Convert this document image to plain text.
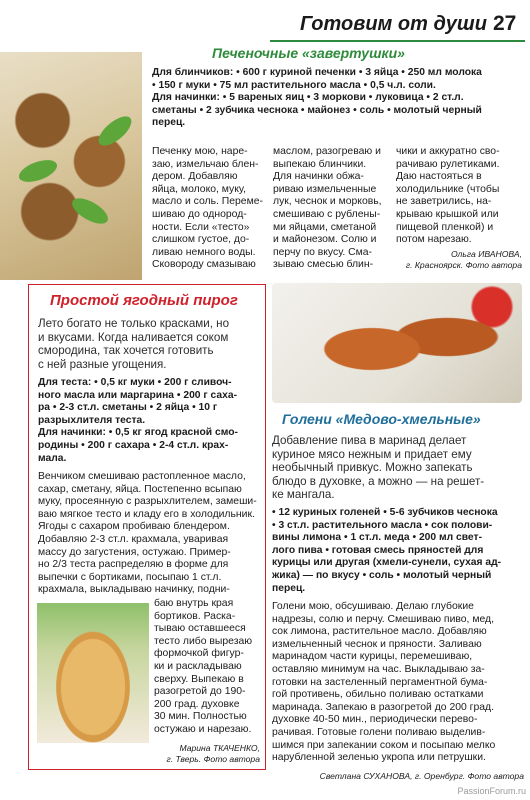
Готовим от души 27
Печеночные «завертушки»
Для блинчиков: • 600 г куриной печенки • 3 яйца • 250 мл молока
• 150 г муки • 75 мл растительного масла • 0,5 ч.л. соли.
Для начинки: • 5 вареных яиц • 3 моркови • луковица • 2 ст.л.
сметаны • 2 зубчика чеснока • майонез • соль • молотый черный
перец.

Печенку мою, наре-

заю, измельчаю блен-

дером. Добавляю

яйца, молоко, муку,

масло и соль. Переме-

шиваю до однород-

ности. Если «тесто»

слишком густое, до-

ливаю немного воды.

Сковороду смазываю

маслом, разогреваю и

выпекаю блинчики.

Для начинки обжа-

риваю измельченные

лук, чеснок и морковь,

смешиваю с рублены-

ми яйцами, сметаной

и майонезом. Солю и

перчу по вкусу. Сма-

зываю смесью блин-

чики и аккуратно сво-

рачиваю рулетиками.

Даю настояться в

холодильнике (чтобы

не заветрились, на-

крываю крышкой или

пищевой пленкой) и

потом нарезаю.

Ольга ИВАНОВА,
г. Красноярск. Фото автора
Простой ягодный пирог
Лето богато не только красками, но
и вкусами. Когда наливается соком
смородина, так хочется готовить
с ней разные угощения.
Для теста: • 0,5 кг муки • 200 г сливоч-
ного масла или маргарина • 200 г саха-
ра • 2-3 ст.л. сметаны • 2 яйца • 10 г
разрыхлителя теста.
Для начинки: • 0,5 кг ягод красной смо-
родины • 200 г сахара • 2-4 ст.л. крах-
мала.

Венчиком смешиваю растопленное масло,

сахар, сметану, яйца. Постепенно всыпаю

муку, просеянную с разрыхлителем, замеши-

ваю мягкое тесто и кладу его в холодильник.

Ягоды с сахаром пробиваю блендером.

Добавляю 2-3 ст.л. крахмала, уваривая

массу до загустения, остужаю. Пример-

но 2/3 теста распределяю в форме для

выпечки с бортиками, посыпаю 1 ст.л.

крахмала, выкладываю начинку, подни-

баю внутрь края

бортиков. Раска-

тываю оставшееся

тесто либо вырезаю

формочкой фигур-

ки и раскладываю

сверху. Выпекаю в

разогретой до 190-

200 град. духовке

30 мин. Полностью

остужаю и нарезаю.

Марина ТКАЧЕНКО,
г. Тверь. Фото автора
Голени «Медово-хмельные»
Добавление пива в маринад делает
куриное мясо нежным и придает ему
необычный привкус. Можно запекать
блюдо в духовке, а можно — на решет-
ке мангала.
• 12 куриных голеней • 5-6 зубчиков чеснока
• 3 ст.л. растительного масла • сок полови-
вины лимона • 1 ст.л. меда • 200 мл свет-
лого пива • готовая смесь пряностей для
курицы или другая (хмели-сунели, сухая ад-
жика) — по вкусу • соль • молотый черный
перец.

Голени мою, обсушиваю. Делаю глубокие

надрезы, солю и перчу. Смешиваю пиво, мед,

сок лимона, растительное масло. Добавляю

измельченный чеснок и пряности. Заливаю

маринадом части курицы, перемешиваю,

оставляю минимум на час. Выкладываю за-

готовки на застеленный пергаментной бума-

гой противень, обильно поливаю остатками

маринада. Запекаю в разогретой до 200 град.

духовке 40-50 мин., периодически перево-

рачивая. Готовые голени поливаю выделив-

шимся при запекании соком и посыпаю мелко

нарубленной зеленью укропа или петрушки.

Светлана СУХАНОВА, г. Оренбург. Фото автора
PassionForum.ru
